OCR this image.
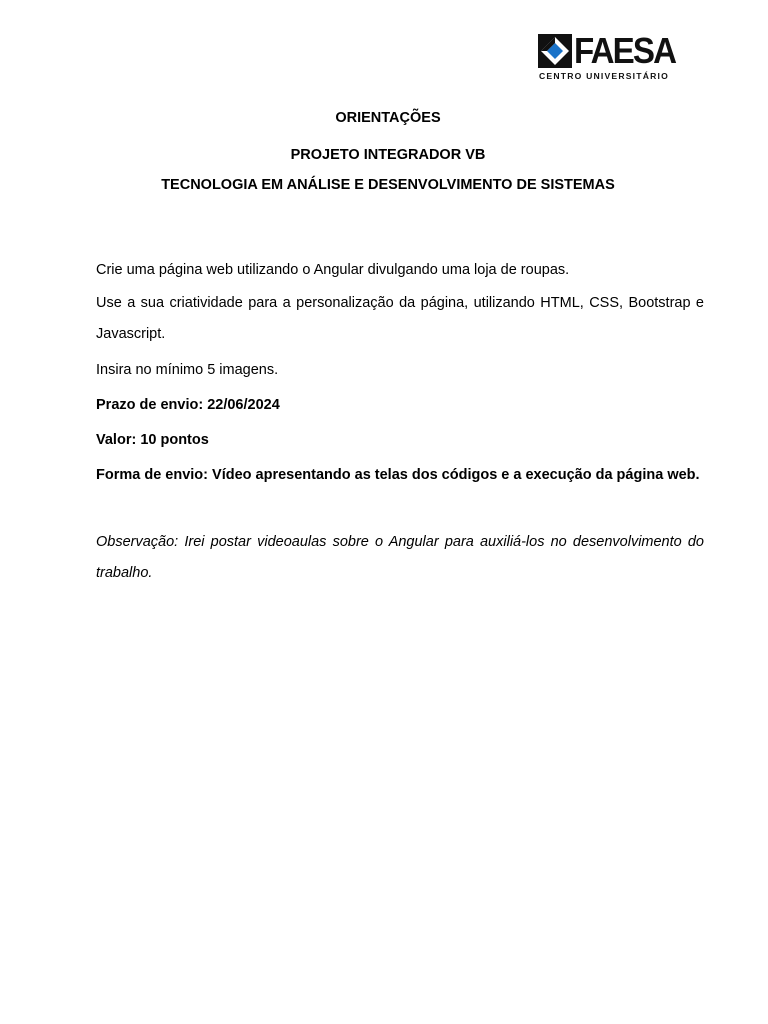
FAESA
CENTRO UNIVERSITÁRIO
ORIENTAÇÕES
PROJETO INTEGRADOR VB
TECNOLOGIA EM ANÁLISE E DESENVOLVIMENTO DE SISTEMAS
Crie uma página web utilizando o Angular divulgando uma loja de roupas.
Use a sua criatividade para a personalização da página, utilizando HTML, CSS, Bootstrap e Javascript.
Insira no mínimo 5 imagens.
Prazo de envio: 22/06/2024
Valor: 10 pontos
Forma de envio: Vídeo apresentando as telas dos códigos e a execução da página web.
Observação: Irei postar videoaulas sobre o Angular para auxiliá-los no desenvolvimento do trabalho.
